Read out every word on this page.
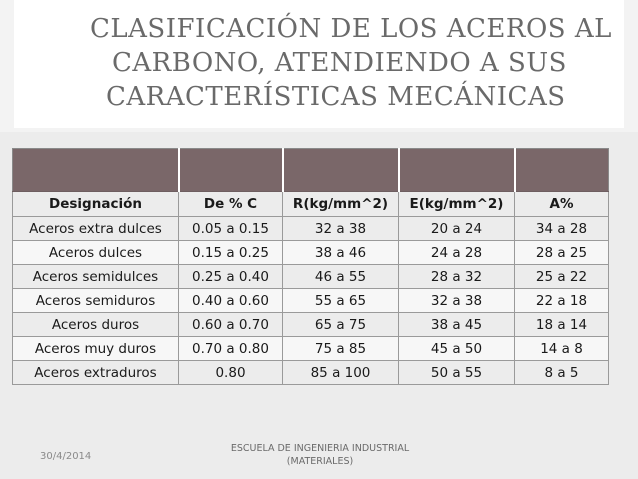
CLASIFICACIÓN DE LOS ACEROS AL
CARBONO, ATENDIENDO A SUS
CARACTERÍSTICAS MECÁNICAS

Designación	De % C	R(kg/mm^2)	E(kg/mm^2)	A%
Aceros extra dulces	0.05 a 0.15	32 a 38	20 a 24	34 a 28
Aceros dulces	0.15 a 0.25	38 a 46	24 a 28	28 a 25
Aceros semidulces	0.25 a 0.40	46 a 55	28 a 32	25 a 22
Aceros semiduros	0.40 a 0.60	55 a 65	32 a 38	22 a 18
Aceros duros	0.60 a 0.70	65 a 75	38 a 45	18 a 14
Aceros muy duros	0.70 a 0.80	75 a 85	45 a 50	14 a 8
Aceros extraduros	0.80	85 a 100	50 a 55	8 a 5
30/4/2014
ESCUELA DE INGENIERIA INDUSTRIAL
(MATERIALES)
